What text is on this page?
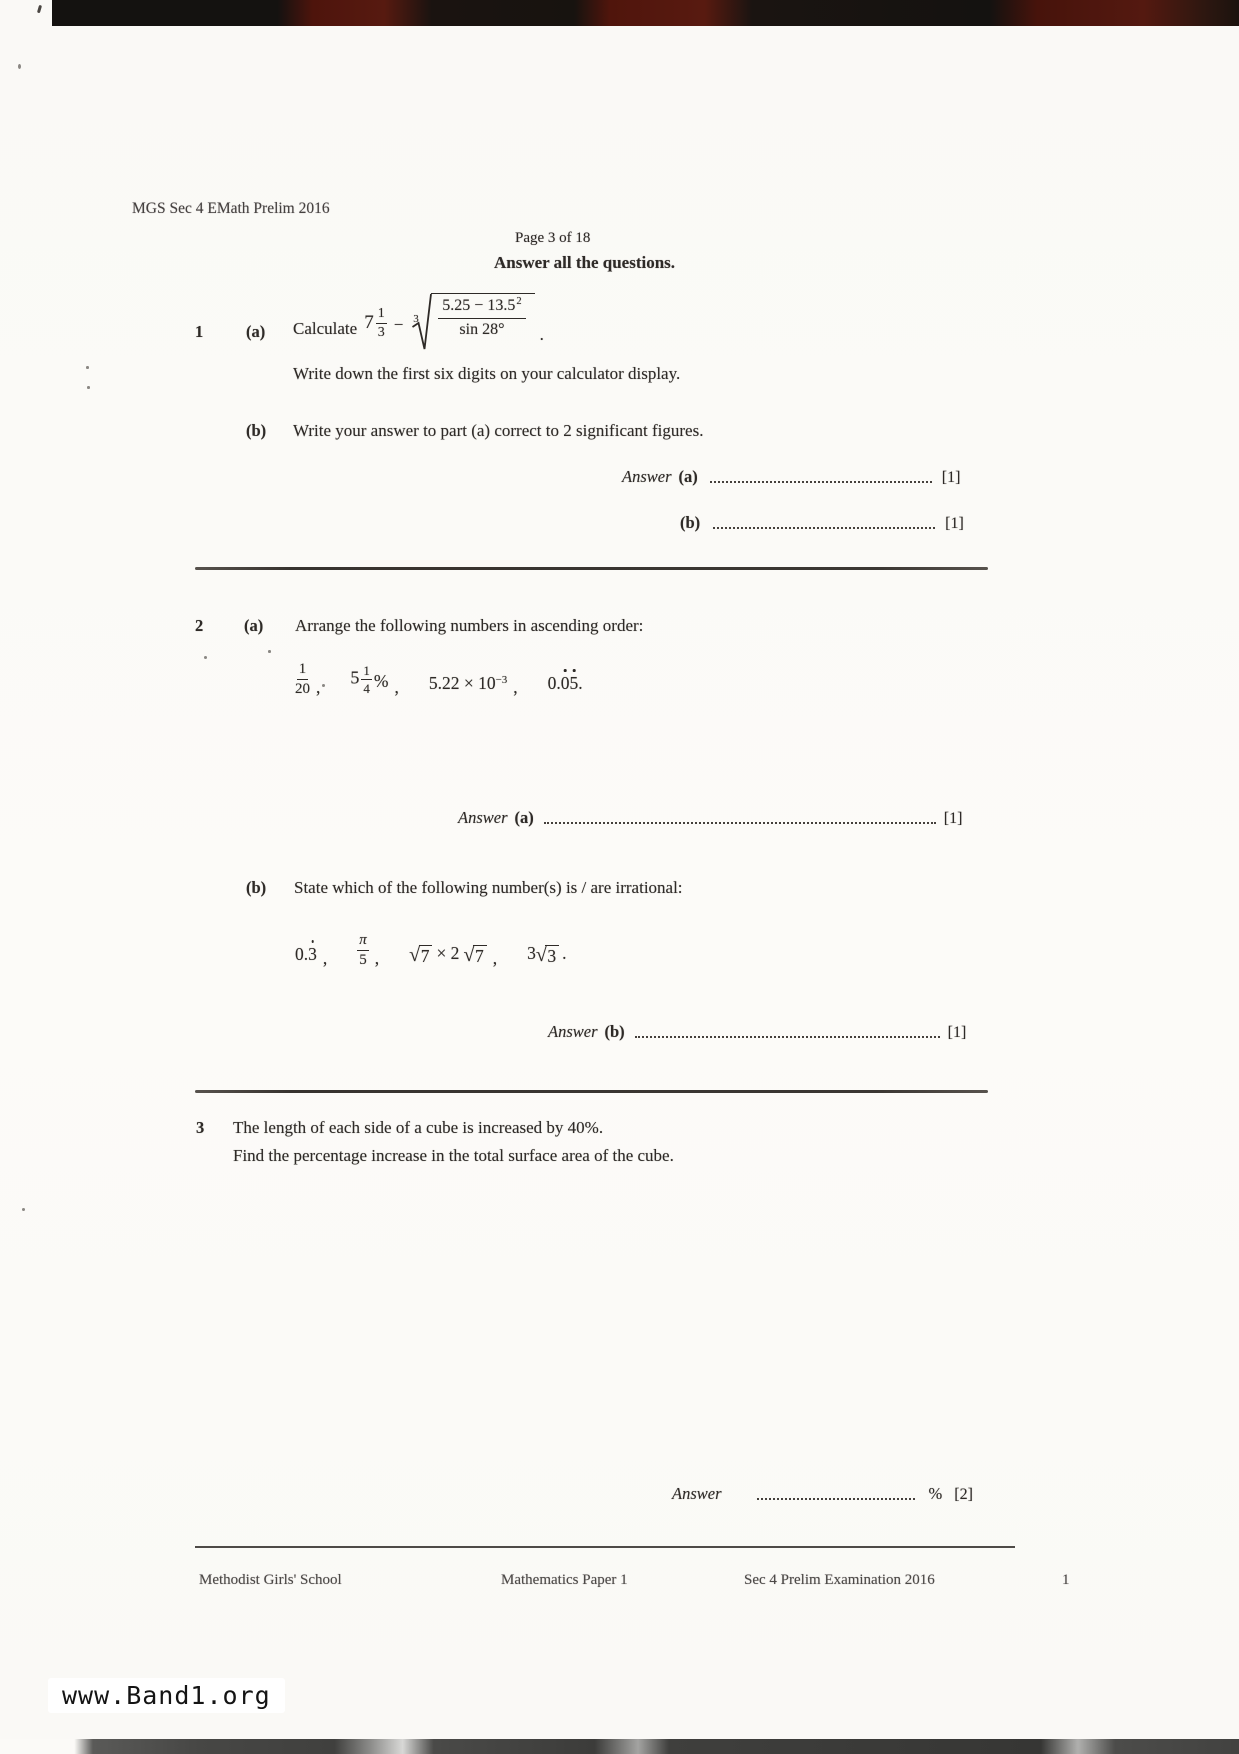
MGS Sec 4 EMath Prelim 2016
Page 3 of 18
Answer all the questions.
1	(a) Calculate $7 \frac{1}{3} - 3$
5.25 − 13.5 2
sin 28° .
Write down the first six digits on your calculator display.
(b) Write your answer to part (a) correct to 2 significant figures.
Answer (a)	[1]
(b)	[1]
2 (a) Arrange the following numbers in ascending order:
$\frac{1}{20}$ , $5 \frac{1}{4}$ % , $5.22 \times 10^{-3}$ , 0.05.
Answer (a)	[1]
(b) State which of the following number(s) is / are irrational:
0.3 ,
π
5 , √ 7 × 2 √ 7 , 3 √ 3 .
Answer (b)	[1]
3 The length of each side of a cube is increased by 40%.
Find the percentage increase in the total surface area of the cube.
Answer	% [2]
Methodist Girls' School	Mathematics Paper 1	Sec 4 Prelim Examination 2016	1
www.Band1.org
